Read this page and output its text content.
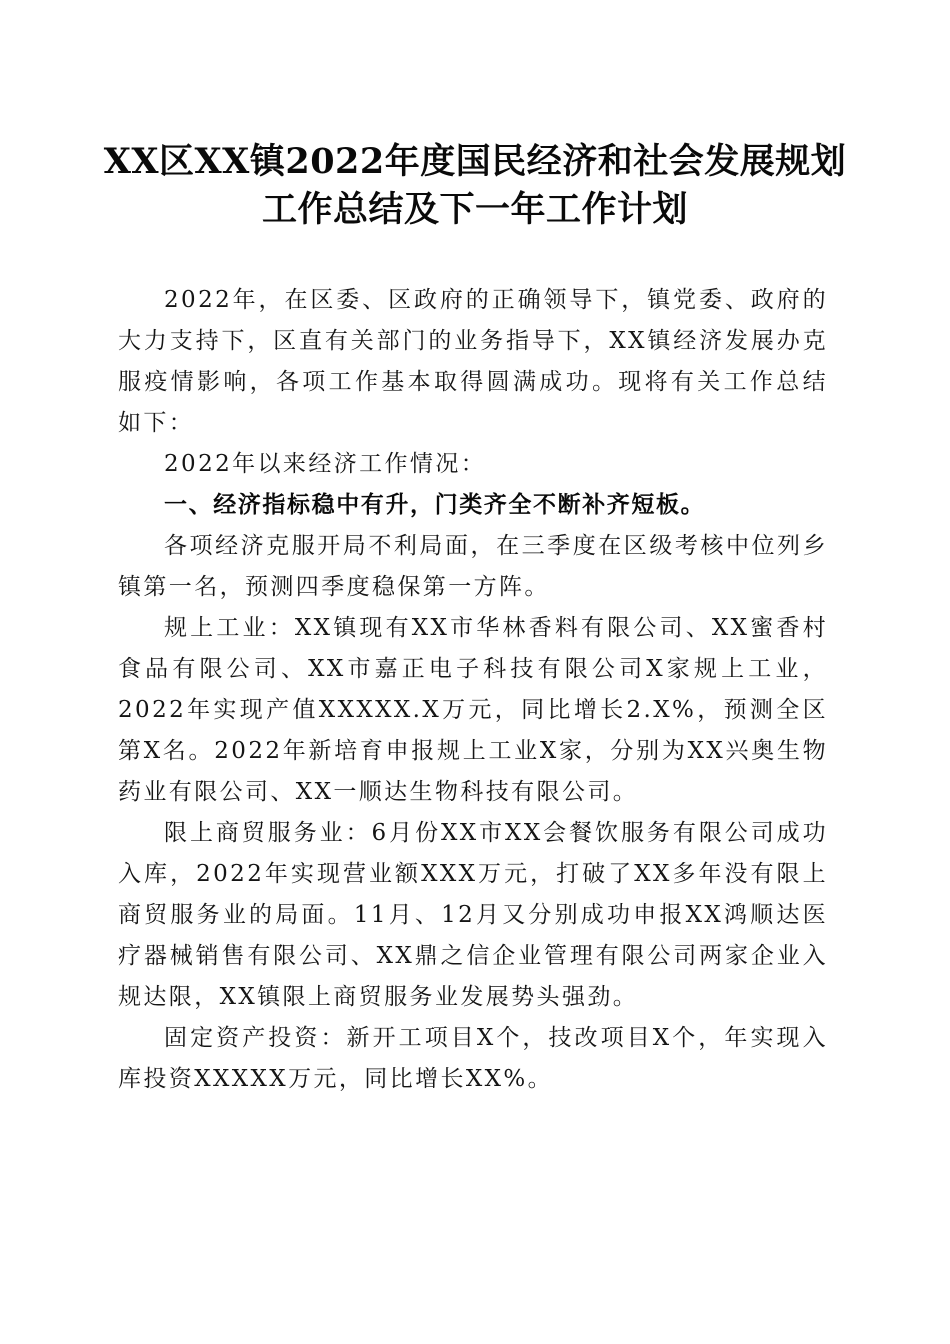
XX区XX镇2022年度国民经济和社会发展规划工作总结及下一年工作计划

2022年，在区委、区政府的正确领导下，镇党委、政府的大力支持下，区直有关部门的业务指导下，XX镇经济发展办克服疫情影响，各项工作基本取得圆满成功。现将有关工作总结如下：

2022年以来经济工作情况：

一、经济指标稳中有升，门类齐全不断补齐短板。

各项经济克服开局不利局面，在三季度在区级考核中位列乡镇第一名，预测四季度稳保第一方阵。

规上工业：XX镇现有XX市华林香料有限公司、XX蜜香村食品有限公司、XX市嘉正电子科技有限公司X家规上工业，2022年实现产值XXXXX.X万元，同比增长2.X%，预测全区第X名。2022年新培育申报规上工业X家，分别为XX兴奥生物药业有限公司、XX一顺达生物科技有限公司。

限上商贸服务业：6月份XX市XX会餐饮服务有限公司成功入库，2022年实现营业额XXX万元，打破了XX多年没有限上商贸服务业的局面。11月、12月又分别成功申报XX鸿顺达医疗器械销售有限公司、XX鼎之信企业管理有限公司两家企业入规达限，XX镇限上商贸服务业发展势头强劲。

固定资产投资：新开工项目X个，技改项目X个，年实现入库投资XXXXX万元，同比增长XX%。
